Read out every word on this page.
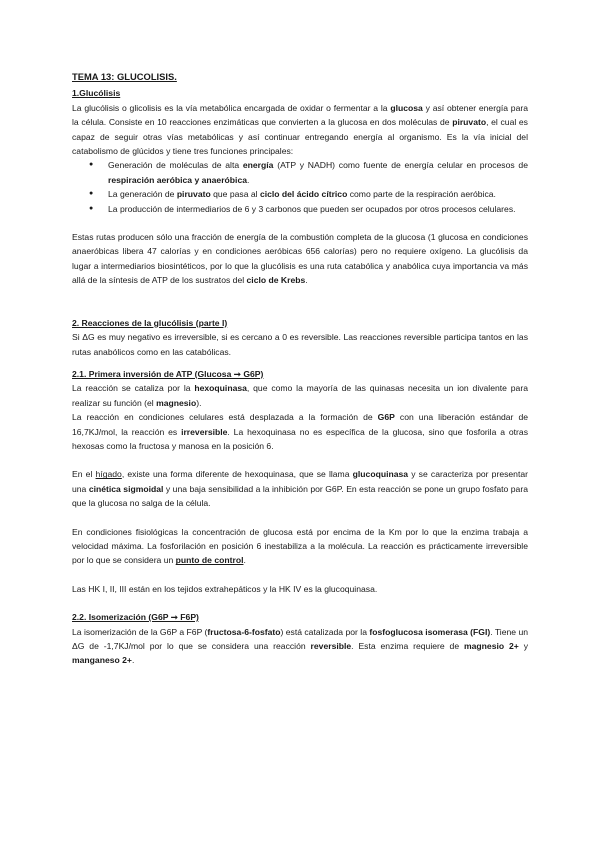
TEMA 13: GLUCOLISIS.

1.Glucólisis

La glucólisis o glicolisis es la vía metabólica encargada de oxidar o fermentar a la glucosa y así obtener energía para la célula. Consiste en 10 reacciones enzimáticas que convierten a la glucosa en dos moléculas de piruvato, el cual es capaz de seguir otras vías metabólicas y así continuar entregando energía al organismo. Es la vía inicial del catabolismo de glúcidos y tiene tres funciones principales:

● Generación de moléculas de alta energía (ATP y NADH) como fuente de energía celular en procesos de respiración aeróbica y anaeróbica.
● La generación de piruvato que pasa al ciclo del ácido cítrico como parte de la respiración aeróbica.
● La producción de intermediarios de 6 y 3 carbonos que pueden ser ocupados por otros procesos celulares.

Estas rutas producen sólo una fracción de energía de la combustión completa de la glucosa (1 glucosa en condiciones anaeróbicas libera 47 calorías y en condiciones aeróbicas 656 calorías) pero no requiere oxígeno. La glucólisis da lugar a intermediarios biosintéticos, por lo que la glucólisis es una ruta catabólica y anabólica cuya importancia va más allá de la síntesis de ATP de los sustratos del ciclo de Krebs.

2. Reacciones de la glucólisis (parte I)

Si ΔG es muy negativo es irreversible, si es cercano a 0 es reversible. Las reacciones reversible participa tantos en las rutas anabólicos como en las catabólicas.

2.1. Primera inversión de ATP (Glucosa ➞ G6P)

La reacción se cataliza por la hexoquinasa, que como la mayoría de las quinasas necesita un ion divalente para realizar su función (el magnesio).

La reacción en condiciones celulares está desplazada a la formación de G6P con una liberación estándar de 16,7KJ/mol, la reacción es irreversible. La hexoquinasa no es específica de la glucosa, sino que fosforila a otras hexosas como la fructosa y manosa en la posición 6.

En el hígado, existe una forma diferente de hexoquinasa, que se llama glucoquinasa y se caracteriza por presentar una cinética sigmoidal y una baja sensibilidad a la inhibición por G6P. En esta reacción se pone un grupo fosfato para que la glucosa no salga de la célula.

En condiciones fisiológicas la concentración de glucosa está por encima de la Km por lo que la enzima trabaja a velocidad máxima. La fosforilación en posición 6 inestabiliza a la molécula. La reacción es prácticamente irreversible por lo que se considera un punto de control.

Las HK I, II, III están en los tejidos extrahepáticos y la HK IV es la glucoquinasa.

2.2. Isomerización (G6P ➞ F6P)

La isomerización de la G6P a F6P (fructosa-6-fosfato) está catalizada por la fosfoglucosa isomerasa (FGI). Tiene un ΔG de -1,7KJ/mol por lo que se considera una reacción reversible. Esta enzima requiere de magnesio 2+ y manganeso 2+.
